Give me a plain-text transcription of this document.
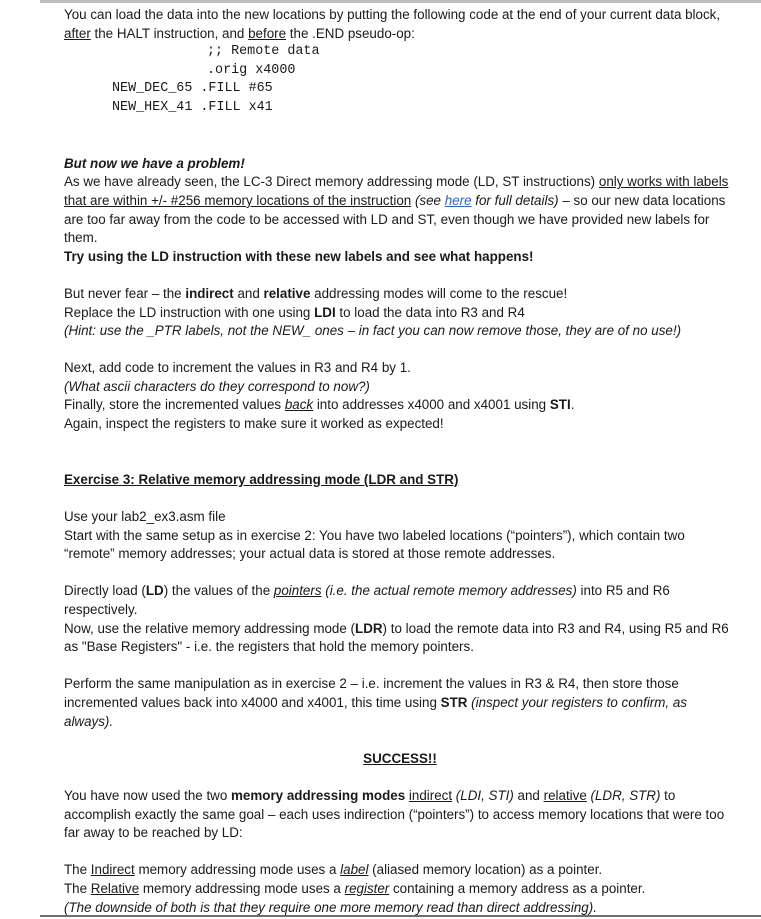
You can load the data into the new locations by putting the following code at the end of your current data block, after the HALT instruction, and before the .END pseudo-op:

;; Remote data
.orig x4000
NEW_DEC_65 .FILL #65
NEW_HEX_41 .FILL x41

But now we have a problem!

As we have already seen, the LC-3 Direct memory addressing mode (LD, ST instructions) only works with labels that are within +/- #256 memory locations of the instruction (see here for full details) – so our new data locations are too far away from the code to be accessed with LD and ST, even though we have provided new labels for them.

Try using the LD instruction with these new labels and see what happens!

But never fear – the indirect and relative addressing modes will come to the rescue!

Replace the LD instruction with one using LDI to load the data into R3 and R4

(Hint: use the _PTR labels, not the NEW_ ones – in fact you can now remove those, they are of no use!)

Next, add code to increment the values in R3 and R4 by 1.

(What ascii characters do they correspond to now?)

Finally, store the incremented values back into addresses x4000 and x4001 using STI.

Again, inspect the registers to make sure it worked as expected!

Exercise 3: Relative memory addressing mode (LDR and STR)

Use your lab2_ex3.asm file

Start with the same setup as in exercise 2: You have two labeled locations (“pointers”), which contain two “remote” memory addresses; your actual data is stored at those remote addresses.

Directly load (LD) the values of the pointers (i.e. the actual remote memory addresses) into R5 and R6 respectively.

Now, use the relative memory addressing mode (LDR) to load the remote data into R3 and R4, using R5 and R6 as "Base Registers" - i.e. the registers that hold the memory pointers.

Perform the same manipulation as in exercise 2 – i.e. increment the values in R3 & R4, then store those incremented values back into x4000 and x4001, this time using STR (inspect your registers to confirm, as always).

SUCCESS!!

You have now used the two memory addressing modes indirect (LDI, STI) and relative (LDR, STR) to accomplish exactly the same goal – each uses indirection (“pointers”) to access memory locations that were too far away to be reached by LD:

The Indirect memory addressing mode uses a label (aliased memory location) as a pointer.

The Relative memory addressing mode uses a register containing a memory address as a pointer.

(The downside of both is that they require one more memory read than direct addressing).
